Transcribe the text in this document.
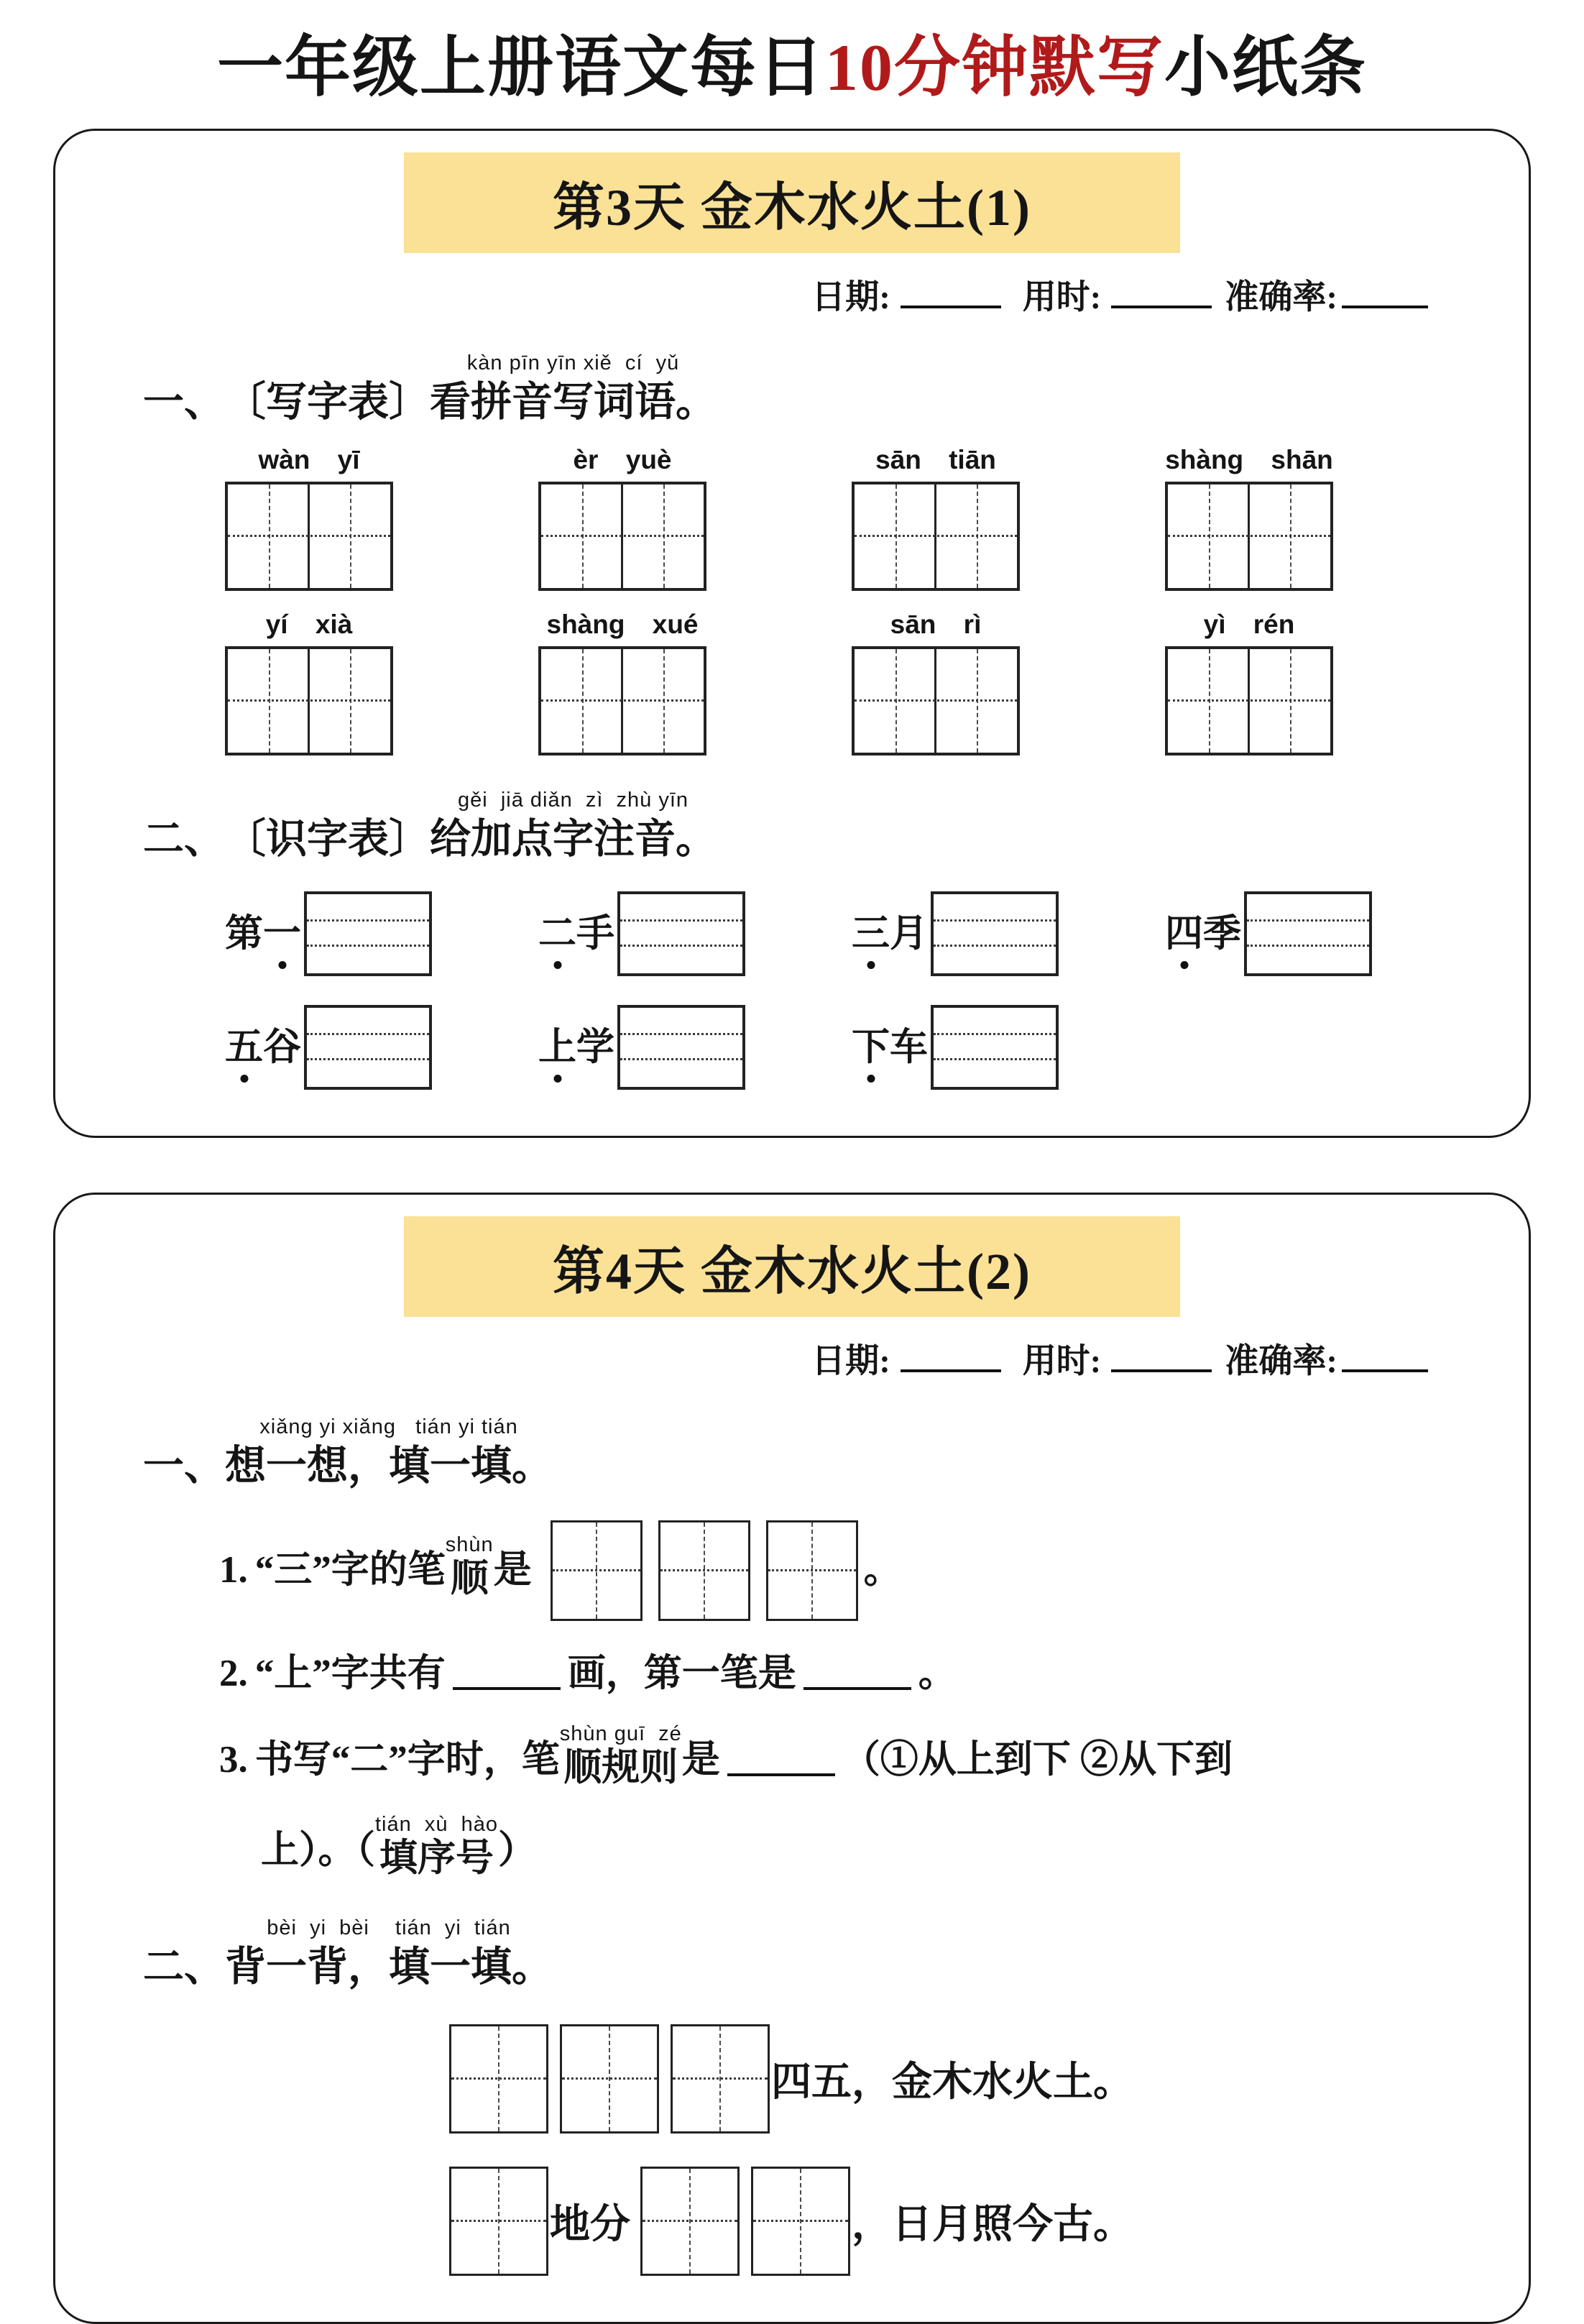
一年级上册语文每日10分钟默写小纸条
第3天 金木水火土(1)
日期:	用时:	准确率:
一、 〔写字表〕
kàn pīn yīn xiě  cí  yǔ
看拼音写词语。
wàn yī	èr yuè	sān tiān	shàng shān
yí xià	shàng xué	sān rì	yì rén
二、 〔识字表〕
gěi  jiā diǎn  zì  zhù yīn
给加点字注音。
第 一	二 手	三 月	四 季
五 谷	上 学	下 车
第4天 金木水火土(2)
日期:	用时:	准确率:
一、
xiǎng yi xiǎng   tián yi tián
想一想，填一填。
1. “三”字的笔
shùn
顺 是	。
2. “上”字共有	画，第一笔是	。
3. 书写“二”字时，笔
shùn guī  zé
顺规则 是	（①从上到下 ②从下到
上）。（
tián  xù  hào
填序号 ）
二、
bèi  yi  bèi    tián  yi  tián
背一背，填一填。
四五，金木水火土。
地分	，日月照今古。
